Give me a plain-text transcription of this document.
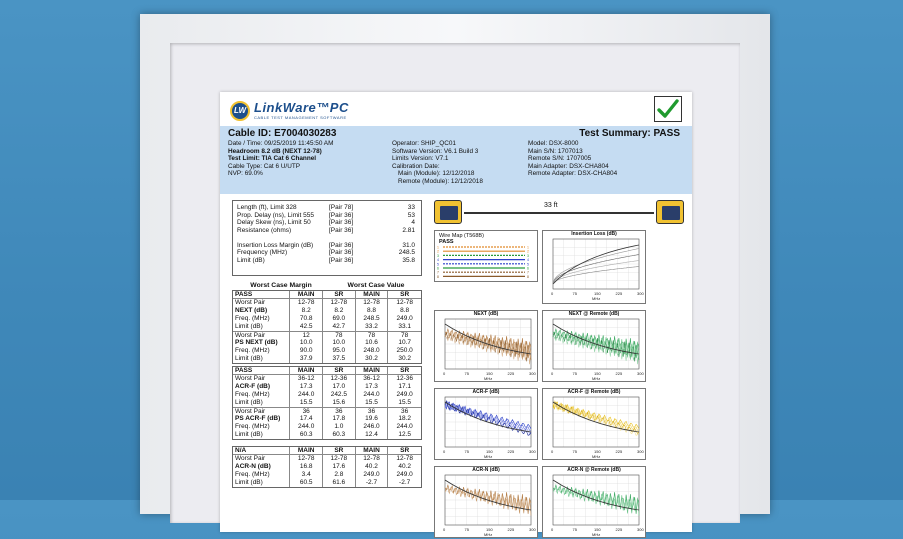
LW LinkWare™PC
CABLE TEST MANAGEMENT SOFTWARE
Cable ID: E7004030283	Test Summary: PASS
Date / Time: 09/25/2019 11:45:50 AM
Headroom 8.2 dB (NEXT 12-78)
Test Limit: TIA Cat 6 Channel
Cable Type: Cat 6 U/UTP
NVP: 69.0%
Operator: SHIP_QC01
Software Version: V6.1 Build 3
Limits Version: V7.1
Calibration Date:
Main (Module): 12/12/2018
Remote (Module): 12/12/2018
Model: DSX-8000
Main S/N: 1707013
Remote S/N: 1707005
Main Adapter: DSX-CHA804
Remote Adapter: DSX-CHA804
Length (ft), Limit 328	[Pair 78]	33
Prop. Delay (ns), Limit 555	[Pair 36]	53
Delay Skew (ns), Limit 50	[Pair 36]	4
Resistance (ohms)	[Pair 36]	2.81
Insertion Loss Margin (dB)	[Pair 36]	31.0
Frequency (MHz)	[Pair 36]	248.5
Limit (dB)	[Pair 36]	35.8
Worst Case Margin	Worst Case Value
PASS	MAIN	SR	MAIN	SR
Worst Pair	12-78	12-78	12-78	12-78
NEXT (dB)	8.2	8.2	8.8	8.8
Freq. (MHz)	70.8	69.0	248.5	249.0
Limit (dB)	42.5	42.7	33.2	33.1
Worst Pair	12	78	78	78
PS NEXT (dB)	10.0	10.0	10.6	10.7
Freq. (MHz)	90.0	95.0	248.0	250.0
Limit (dB)	37.9	37.5	30.2	30.2
PASS	MAIN	SR	MAIN	SR
Worst Pair	36-12	12-36	36-12	12-36
ACR-F (dB)	17.3	17.0	17.3	17.1
Freq. (MHz)	244.0	242.5	244.0	249.0
Limit (dB)	15.5	15.6	15.5	15.5
Worst Pair	36	36	36	36
PS ACR-F (dB)	17.4	17.8	19.6	18.2
Freq. (MHz)	244.0	1.0	246.0	244.0
Limit (dB)	60.3	60.3	12.4	12.5
N/A	MAIN	SR	MAIN	SR
Worst Pair	12-78	12-78	12-78	12-78
ACR-N (dB)	16.8	17.6	40.2	40.2
Freq. (MHz)	3.4	2.8	249.0	249.0
Limit (dB)	60.5	61.6	-2.7	-2.7
33 ft
Wire Map (T568B)
PASS
1	1
2	2
3	3
4	4
5	5
6	6
7	7
8	8
Insertion Loss (dB)
0	75	150	225	300
MHz
NEXT (dB)
0	75	150	225	300
MHz
NEXT @ Remote (dB)
0	75	150	225	300
MHz
ACR-F (dB)
0	75	150	225	300
MHz
ACR-F @ Remote (dB)
0	75	150	225	300
MHz
ACR-N (dB)
0	75	150	225	300
MHz
ACR-N @ Remote (dB)
0	75	150	225	300
MHz
